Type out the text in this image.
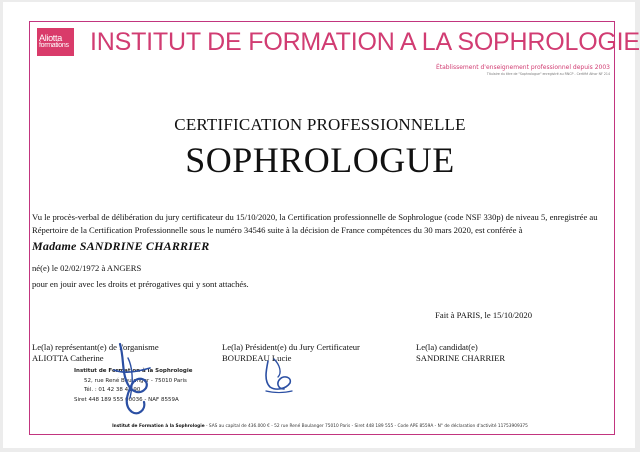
Aliotta
formations INSTITUT DE FORMATION A LA SOPHROLOGIE
Établissement d'enseignement professionnel depuis 2003
Titulaire du titre de "Sophrologue" enregistré au RNCP - Certifié Afnor NF 214
CERTIFICATION PROFESSIONNELLE
SOPHROLOGUE
Vu le procès-verbal de délibération du jury certificateur du 15/10/2020, la Certification professionnelle de Sophrologue (code NSF 330p) de niveau 5, enregistrée au Répertoire de la Certification Professionnelle sous le numéro 34546 suite à la décision de France compétences du 30 mars 2020, est conférée à
Madame SANDRINE CHARRIER
né(e) le 02/02/1972 à ANGERS
pour en jouir avec les droits et prérogatives qui y sont attachés.
Fait à PARIS, le 15/10/2020
Le(la) représentant(e) de l'organisme
ALIOTTA Catherine
Le(la) Président(e) du Jury Certificateur
BOURDEAU Lucie
Le(la) candidat(e)
SANDRINE CHARRIER
Institut de Formation à la Sophrologie
52, rue René Boulanger - 75010 Paris
Tél. : 01 42 38 43 90
Siret 448 189 555 00036 - NAF 8559A
Institut de Formation à la Sophrologie - SAS au capital de 436.000 € - 52 rue René Boulanger 75010 Paris - Siret 448 189 555 - Code APE 8559A - N° de déclaration d'activité 11753909375
